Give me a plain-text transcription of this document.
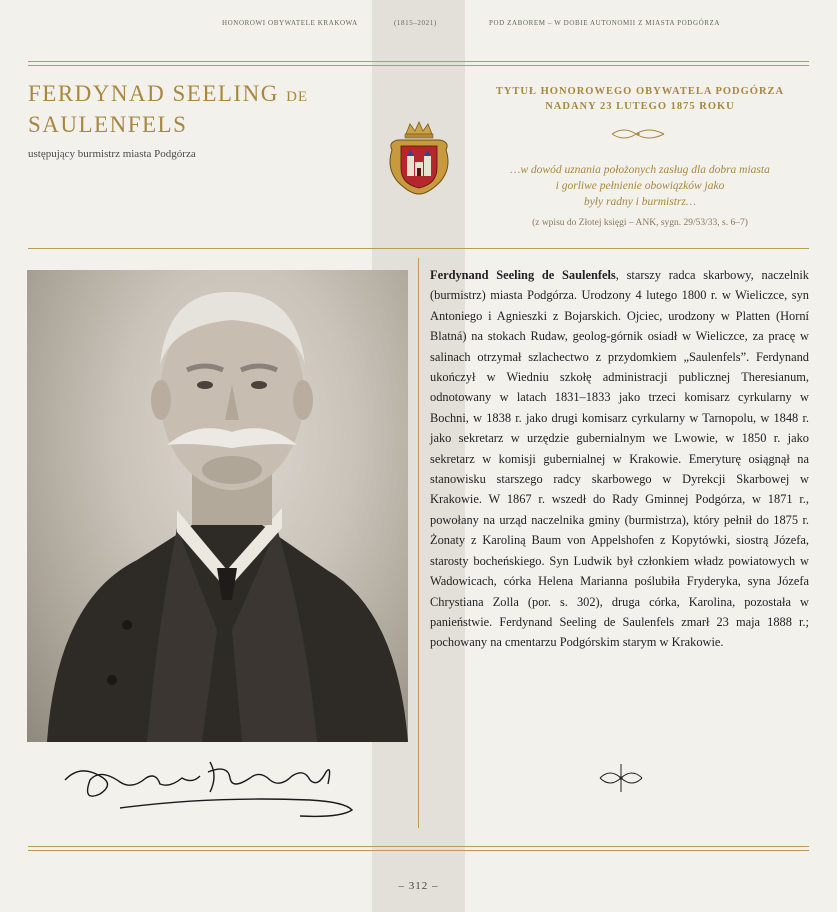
HONOROWI OBYWATELE KRAKOWA	(1815–2021)	POD ZABOREM – W DOBIE AUTONOMII Z MIASTA PODGÓRZA
FERDYNAD SEELING DE
SAULENFELS
ustępujący burmistrz miasta Podgórza
TYTUŁ HONOROWEGO OBYWATELA PODGÓRZA
NADANY 23 LUTEGO 1875 ROKU
…w dowód uznania położonych zasług dla dobra miasta
i gorliwe pełnienie obowiązków jako
były radny i burmistrz…
(z wpisu do Złotej księgi – ANK, sygn. 29/53/33, s. 6–7)

Ferdynand Seeling de Saulenfels, starszy radca skarbowy, naczelnik (burmistrz) miasta Podgórza. Urodzony 4 lutego 1800 r. w Wieliczce, syn Antoniego i Agnieszki z Bojarskich. Ojciec, urodzony w Platten (Horní Blatná) na stokach Rudaw, geolog-górnik osiadł w Wieliczce, za pracę w salinach otrzymał szlachectwo z przydomkiem „Saulenfels”. Ferdynand ukończył w Wiedniu szkołę administracji publicznej Theresianum, odnotowany w latach 1831–1833 jako trzeci komisarz cyrkularny w Bochni, w 1838 r. jako drugi komisarz cyrkularny w Tarnopolu, w 1848 r. jako sekretarz w urzędzie gubernialnym we Lwowie, w 1850 r. jako sekretarz w komisji gubernialnej w Krakowie. Emeryturę osiągnął na stanowisku starszego radcy skarbowego w Dyrekcji Skarbowej w Krakowie. W 1867 r. wszedł do Rady Gminnej Podgórza, w 1871 r., powołany na urząd naczelnika gminy (burmistrza), który pełnił do 1875 r. Żonaty z Karoliną Baum von Appelshofen z Kopytówki, siostrą Józefa, starosty bocheńskiego. Syn Ludwik był członkiem władz powiatowych w Wadowicach, córka Helena Marianna poślubiła Fryderyka, syna Józefa Chrystiana Zolla (por. s. 302), druga córka, Karolina, pozostała w panieństwie. Ferdynand Seeling de Saulenfels zmarł 23 maja 1888 r.; pochowany na cmentarzu Podgórskim starym w Krakowie.

– 312 –
